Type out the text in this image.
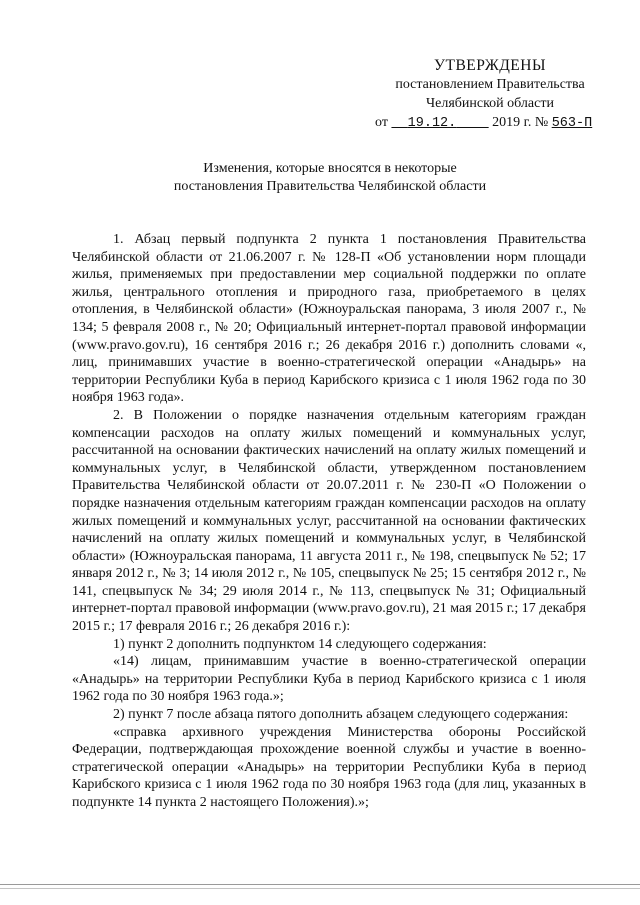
УТВЕРЖДЕНЫ
постановлением Правительства
Челябинской области
от 19.12.	2019 г. № 563-П
Изменения, которые вносятся в некоторые
постановления Правительства Челябинской области

1. Абзац первый подпункта 2 пункта 1 постановления Правительства Челябинской области от 21.06.2007 г. № 128-П «Об установлении норм площади жилья, применяемых при предоставлении мер социальной поддержки по оплате жилья, центрального отопления и природного газа, приобретаемого в целях отопления, в Челябинской области» (Южноуральская панорама, 3 июля 2007 г., № 134; 5 февраля 2008 г., № 20; Официальный интернет-портал правовой информации (www.pravo.gov.ru), 16 сентября 2016 г.; 26 декабря 2016 г.) дополнить словами «, лиц, принимавших участие в военно-стратегической операции «Анадырь» на территории Республики Куба в период Карибского кризиса с 1 июля 1962 года по 30 ноября 1963 года».

2. В Положении о порядке назначения отдельным категориям граждан компенсации расходов на оплату жилых помещений и коммунальных услуг, рассчитанной на основании фактических начислений на оплату жилых помещений и коммунальных услуг, в Челябинской области, утвержденном постановлением Правительства Челябинской области от 20.07.2011 г. № 230-П «О Положении о порядке назначения отдельным категориям граждан компенсации расходов на оплату жилых помещений и коммунальных услуг, рассчитанной на основании фактических начислений на оплату жилых помещений и коммунальных услуг, в Челябинской области» (Южноуральская панорама, 11 августа 2011 г., № 198, спецвыпуск № 52; 17 января 2012 г., № 3; 14 июля 2012 г., № 105, спецвыпуск № 25; 15 сентября 2012 г., № 141, спецвыпуск № 34; 29 июля 2014 г., № 113, спецвыпуск № 31; Официальный интернет-портал правовой информации (www.pravo.gov.ru), 21 мая 2015 г.; 17 декабря 2015 г.; 17 февраля 2016 г.; 26 декабря 2016 г.):

1) пункт 2 дополнить подпунктом 14 следующего содержания:

«14) лицам, принимавшим участие в военно-стратегической операции «Анадырь» на территории Республики Куба в период Карибского кризиса с 1 июля 1962 года по 30 ноября 1963 года.»;

2) пункт 7 после абзаца пятого дополнить абзацем следующего содержания:

«справка архивного учреждения Министерства обороны Российской Федерации, подтверждающая прохождение военной службы и участие в военно-стратегической операции «Анадырь» на территории Республики Куба в период Карибского кризиса с 1 июля 1962 года по 30 ноября 1963 года (для лиц, указанных в подпункте 14 пункта 2 настоящего Положения).»;
